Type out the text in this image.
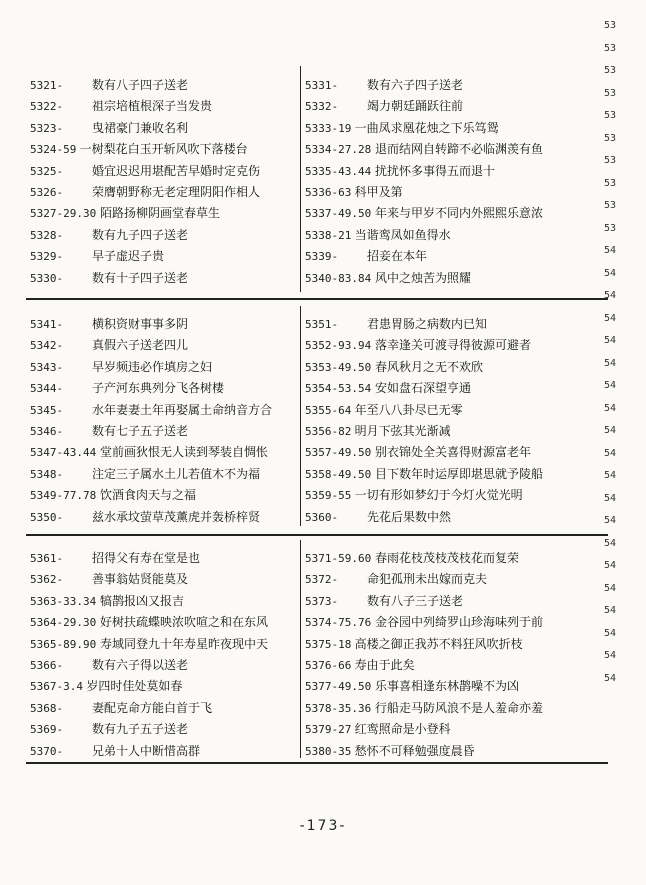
5321- 数有八子四子送老
5322- 祖宗培植根深子当发贵
5323- 曳裙豪门兼收名利
5324-59 一树梨花白玉开斩风吹下落楼台
5325- 婚宜迟迟用堪配苦早婚时定克伤
5326- 荣膺朝野称无老定理阴阳作相人
5327-29.30 陌路扬柳阴画堂春草生
5328- 数有九子四子送老
5329- 早子虚迟子贵
5330- 数有十子四子送老
5331- 数有六子四子送老
5332- 竭力朝廷踊跃往前
5333-19 一曲凤求凰花烛之下乐笃鸳
5334-27.28 退而结网自转蹄不必临渊羡有鱼
5335-43.44 扰扰怀多事得五而退十
5336-63 科甲及第
5337-49.50 年来与甲岁不同内外熙熙乐意浓
5338-21 当谐鸾凤如鱼得水
5339- 招妾在本年
5340-83.84 风中之烛苦为照耀
5341- 横积资财事事多阴
5342- 真假六子送老四儿
5343- 早岁频违必作填房之妇
5344- 子产河东典列分飞各树棲
5345- 水年妻妻土年再娶属土命纳音方合
5346- 数有七子五子送老
5347-43.44 堂前画狄恨无人读到琴装自惆怅
5348- 注定三子属水土儿若值木不为福
5349-77.78 饮酒食肉天与之福
5350- 兹水承坟萤草茂薰虎并轰桥梓贤
5351- 君患胃肠之病数内已知
5352-93.94 落幸逢关可渡寻得彼源可避者
5353-49.50 春风秋月之无不欢欣
5354-53.54 安如盘石深望亨通
5355-64 年至八八卦尽已无零
5356-82 明月下弦其光渐减
5357-49.50 别衣锦处全关喜得财源富老年
5358-49.50 目下数年时运厚即堪思就予陵船
5359-55 一切有形如梦幻于今灯火觉光明
5360- 先花后果数中然
5361- 招得父有寿在堂是也
5362- 善事翁姑贤能莫及
5363-33.34 犒鹊报凶又报吉
5364-29.30 好树扶疏蝶映浓吹喧之和在东风
5365-89.90 寿域同登九十年寿星昨夜现中天
5366- 数有六子得以送老
5367-3.4 岁四时佳处莫如春
5368- 妻配克命方能白首于飞
5369- 数有九子五子送老
5370- 兄弟十人中断惜高群
5371-59.60 春雨花枝茂枝茂枝花而复荣
5372- 命犯孤刑未出嫁而克夫
5373- 数有八子三子送老
5374-75.76 金谷园中列绮罗山珍海味列于前
5375-18 高楼之御正我苏不料狂风吹折枝
5376-66 寿由于此矣
5377-49.50 乐事喜相逢东林鹊噪不为凶
5378-35.36 行船走马防风浪不是人羞命亦羞
5379-27 红鸾照命是小登科
5380-35 愁怀不可释勉强度晨昏
53
53
53
53
53
53
53
53
53
53
54
54
54
54
54
54
54
54
54
54
54
54
54
54
54
54
54
54
54
54
-173-
